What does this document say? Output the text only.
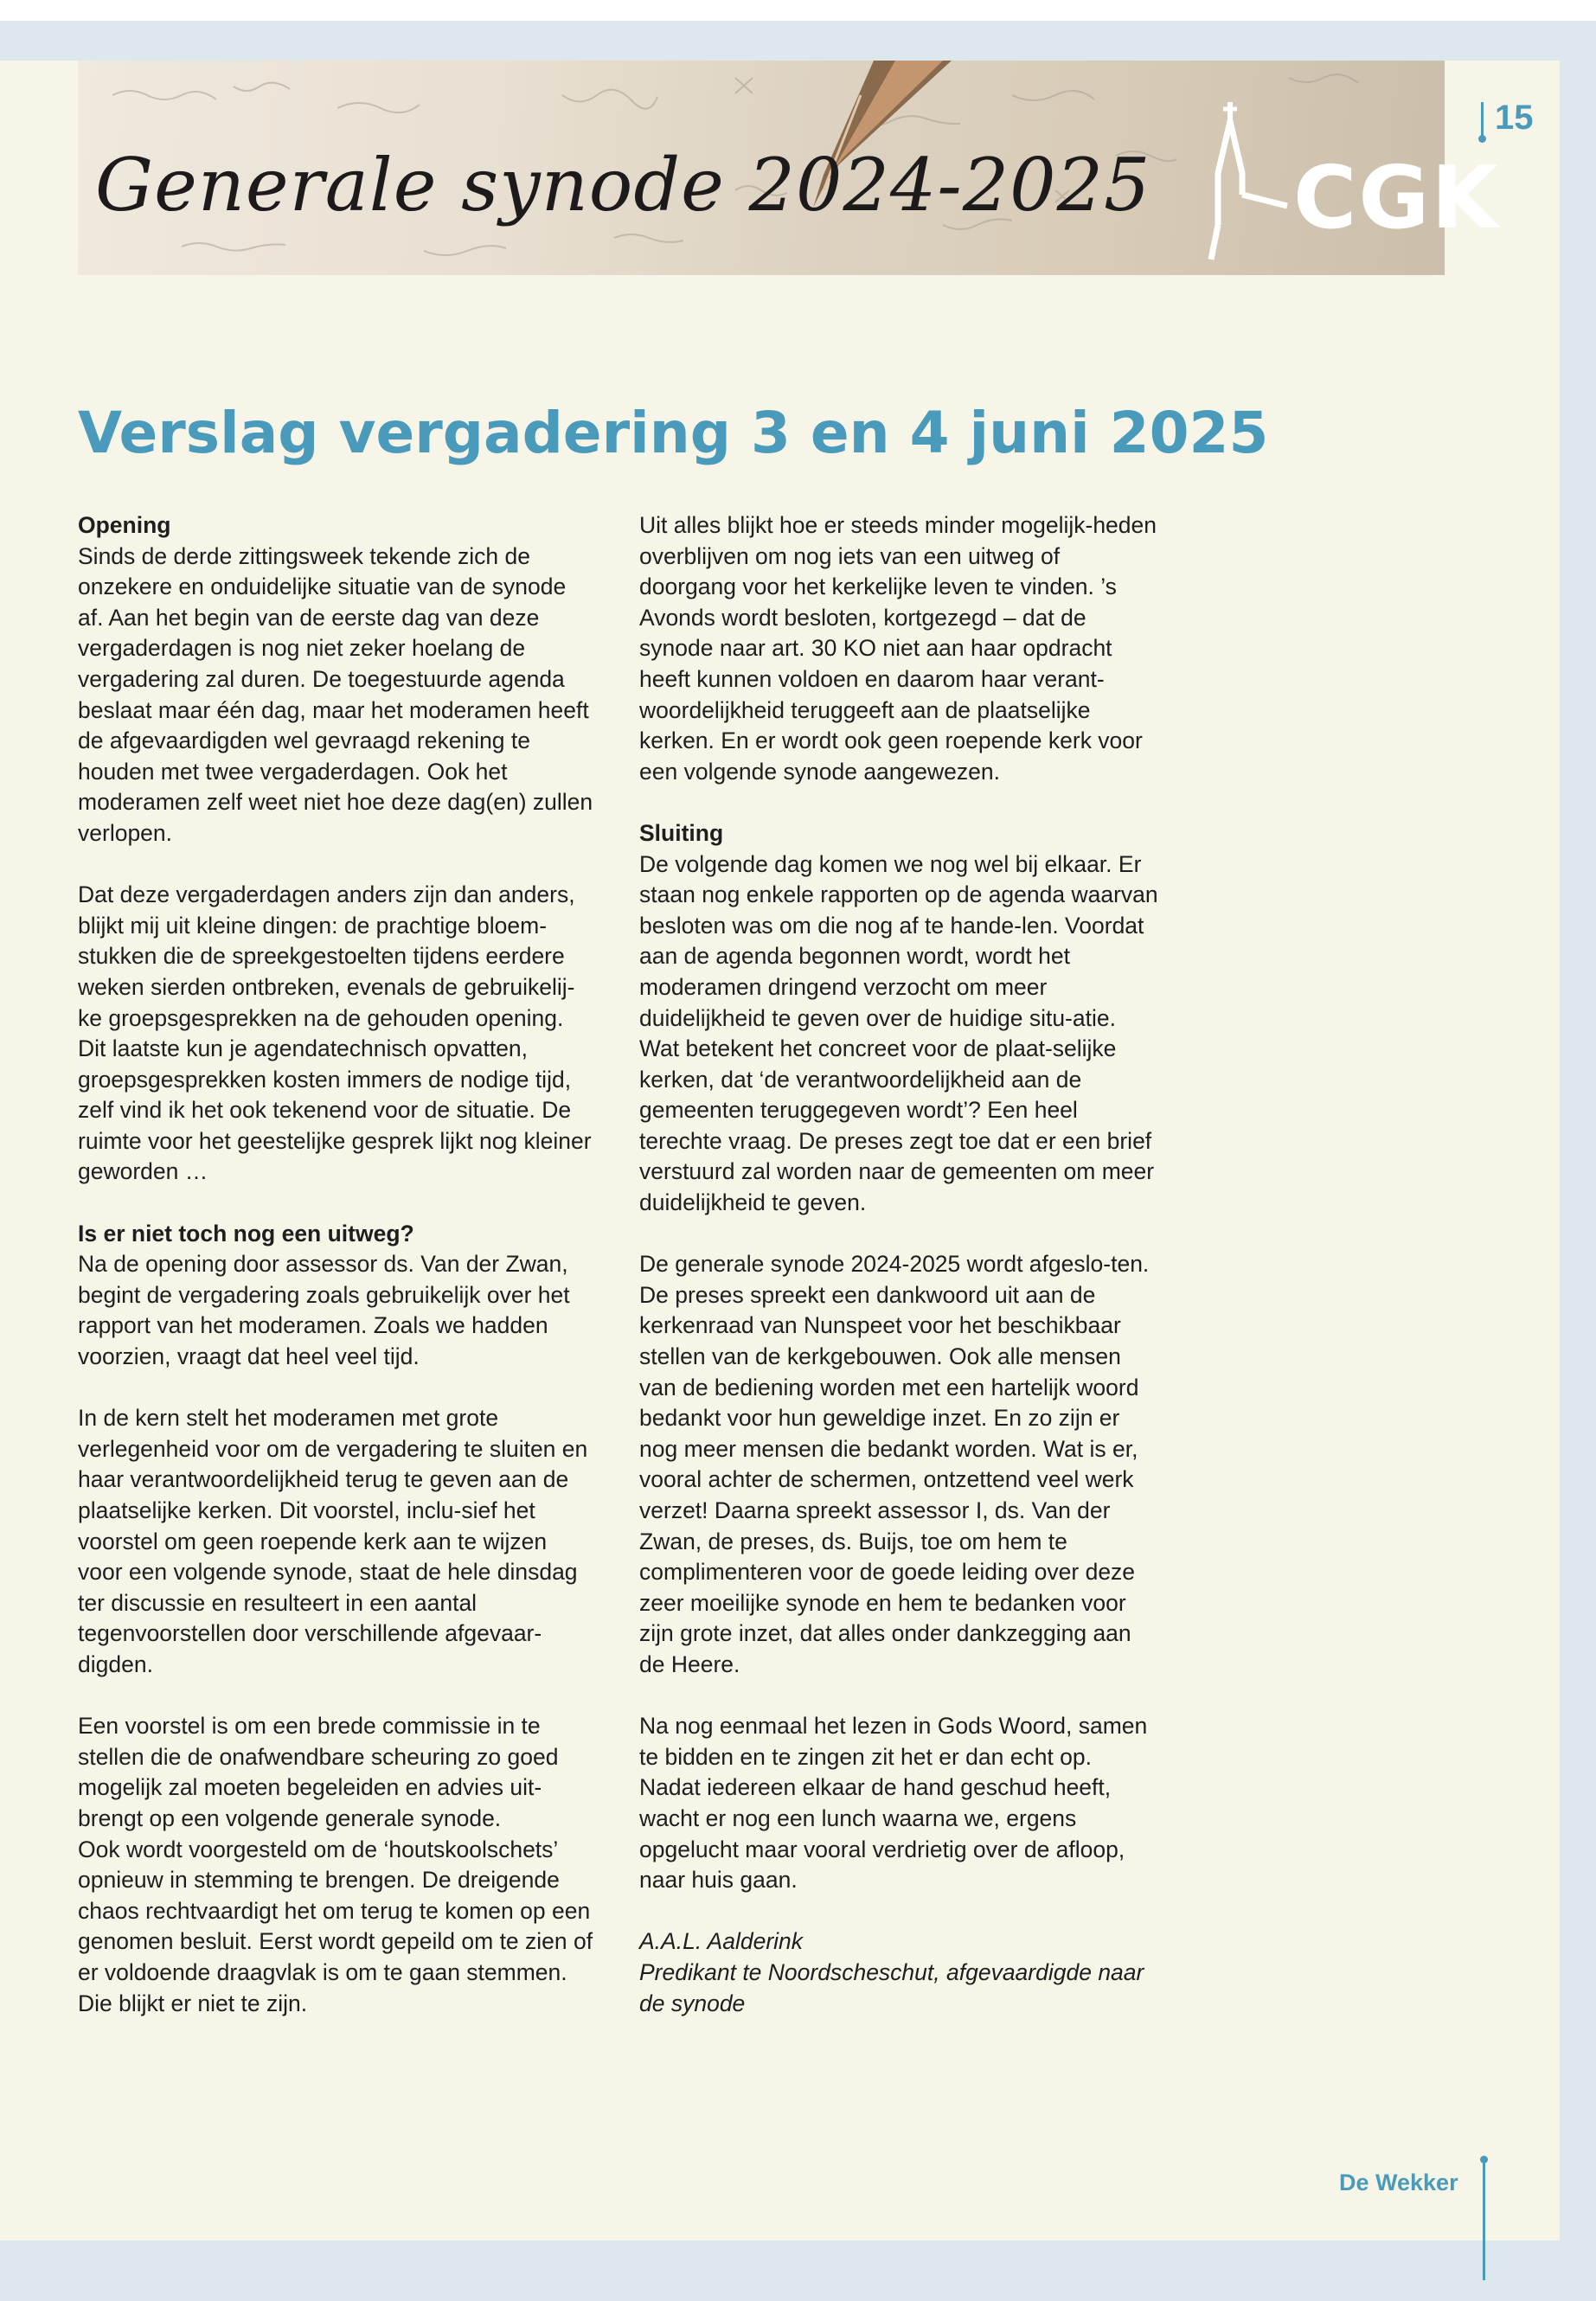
Generale synode 2024-2025 CGK
15
Verslag vergadering 3 en 4 juni 2025

Opening
Sinds de derde zittingsweek tekende zich de onzekere en onduidelijke situatie van de synode af. Aan het begin van de eerste dag van deze vergaderdagen is nog niet zeker hoelang de vergadering zal duren. De toegestuurde agenda beslaat maar één dag, maar het moderamen heeft de afgevaardigden wel gevraagd rekening te houden met twee vergaderdagen. Ook het moderamen zelf weet niet hoe deze dag(en) zullen verlopen.

Dat deze vergaderdagen anders zijn dan anders, blijkt mij uit kleine dingen: de prachtige bloem-stukken die de spreekgestoelten tijdens eerdere weken sierden ontbreken, evenals de gebruikelij-ke groepsgesprekken na de gehouden opening. Dit laatste kun je agendatechnisch opvatten, groepsgesprekken kosten immers de nodige tijd, zelf vind ik het ook tekenend voor de situatie. De ruimte voor het geestelijke gesprek lijkt nog kleiner geworden …

Is er niet toch nog een uitweg?
Na de opening door assessor ds. Van der Zwan, begint de vergadering zoals gebruikelijk over het rapport van het moderamen. Zoals we hadden voorzien, vraagt dat heel veel tijd.

In de kern stelt het moderamen met grote verlegenheid voor om de vergadering te sluiten en haar verantwoordelijkheid terug te geven aan de plaatselijke kerken. Dit voorstel, inclu-sief het voorstel om geen roepende kerk aan te wijzen voor een volgende synode, staat de hele dinsdag ter discussie en resulteert in een aantal tegenvoorstellen door verschillende afgevaar-digden.

Een voorstel is om een brede commissie in te stellen die de onafwendbare scheuring zo goed mogelijk zal moeten begeleiden en advies uit-brengt op een volgende generale synode.

Ook wordt voorgesteld om de ‘houtskoolschets’ opnieuw in stemming te brengen. De dreigende chaos rechtvaardigt het om terug te komen op een genomen besluit. Eerst wordt gepeild om te zien of er voldoende draagvlak is om te gaan stemmen. Die blijkt er niet te zijn.

Uit alles blijkt hoe er steeds minder mogelijk-heden overblijven om nog iets van een uitweg of doorgang voor het kerkelijke leven te vinden. ’s Avonds wordt besloten, kortgezegd – dat de synode naar art. 30 KO niet aan haar opdracht heeft kunnen voldoen en daarom haar verant-woordelijkheid teruggeeft aan de plaatselijke kerken. En er wordt ook geen roepende kerk voor een volgende synode aangewezen.

Sluiting
De volgende dag komen we nog wel bij elkaar. Er staan nog enkele rapporten op de agenda waarvan besloten was om die nog af te hande-len. Voordat aan de agenda begonnen wordt, wordt het moderamen dringend verzocht om meer duidelijkheid te geven over de huidige situ-atie. Wat betekent het concreet voor de plaat-selijke kerken, dat ‘de verantwoordelijkheid aan de gemeenten teruggegeven wordt’? Een heel terechte vraag. De preses zegt toe dat er een brief verstuurd zal worden naar de gemeenten om meer duidelijkheid te geven.

De generale synode 2024-2025 wordt afgeslo-ten. De preses spreekt een dankwoord uit aan de kerkenraad van Nunspeet voor het beschikbaar stellen van de kerkgebouwen. Ook alle mensen van de bediening worden met een hartelijk woord bedankt voor hun geweldige inzet. En zo zijn er nog meer mensen die bedankt worden. Wat is er, vooral achter de schermen, ontzettend veel werk verzet! Daarna spreekt assessor I, ds. Van der Zwan, de preses, ds. Buijs, toe om hem te complimenteren voor de goede leiding over deze zeer moeilijke synode en hem te bedanken voor zijn grote inzet, dat alles onder dankzegging aan de Heere.

Na nog eenmaal het lezen in Gods Woord, samen te bidden en te zingen zit het er dan echt op. Nadat iedereen elkaar de hand geschud heeft, wacht er nog een lunch waarna we, ergens opgelucht maar vooral verdrietig over de afloop, naar huis gaan.

A.A.L. Aalderink

Predikant te Noordscheschut, afgevaardigde naar de synode

De Wekker
